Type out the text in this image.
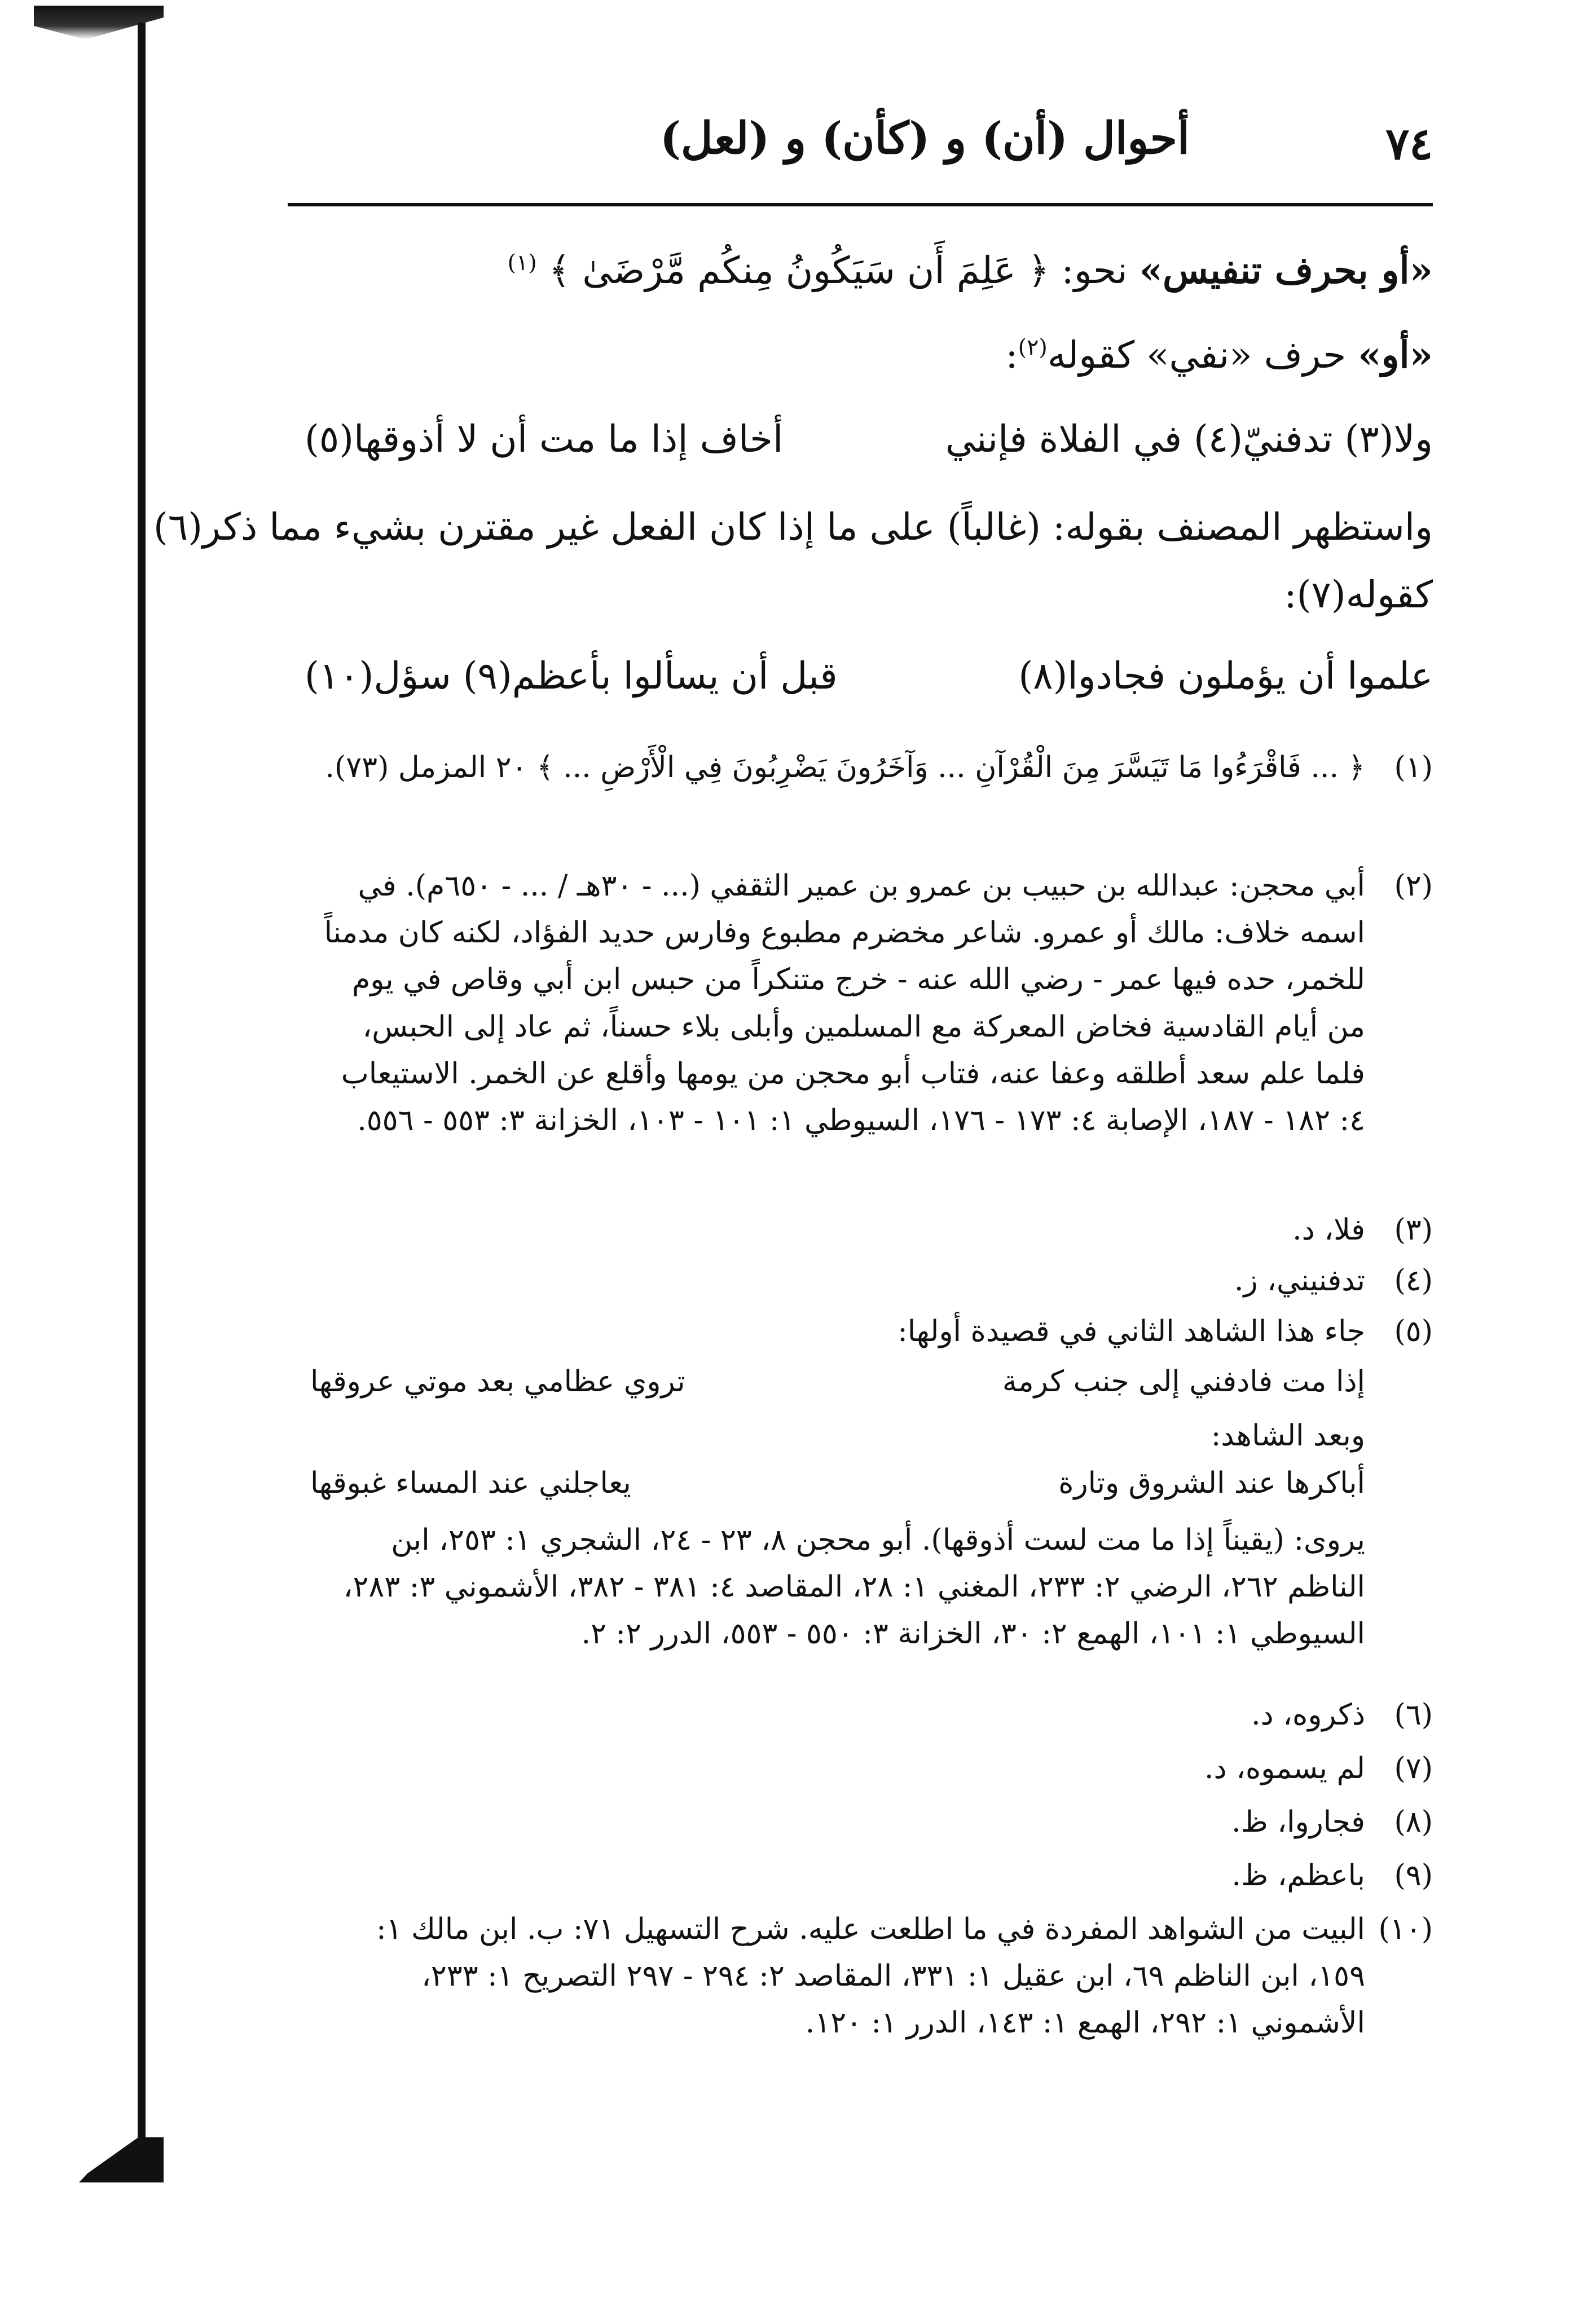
٧٤
أحوال (أن) و (كأن) و (لعل)
«أو بحرف تنفيس» نحو: ﴿ عَلِمَ أَن سَيَكُونُ مِنكُم مَّرْضَىٰ ﴾ $^{(١)}$
«أو» حرف «نفي» كقوله$^{(٢)}$:
ولا(٣) تدفنيّ(٤) في الفلاة فإنني
أخاف إذا ما مت أن لا أذوقها(٥)
واستظهر المصنف بقوله: (غالباً) على ما إذا كان الفعل غير مقترن بشيء مما ذكر(٦)
كقوله(٧):
علموا أن يؤملون فجادوا(٨)
قبل أن يسألوا بأعظم(٩) سؤل(١٠)
(١)
﴿ ... فَاقْرَءُوا مَا تَيَسَّرَ مِنَ الْقُرْآنِ ... وَآخَرُونَ يَضْرِبُونَ فِي الْأَرْضِ ... ﴾ ٢٠ المزمل (٧٣).
(٢)
أبي محجن: عبدالله بن حبيب بن عمرو بن عمير الثقفي (... - ٣٠هـ / ... - ٦٥٠م). في اسمه خلاف: مالك أو عمرو. شاعر مخضرم مطبوع وفارس حديد الفؤاد، لكنه كان مدمناً للخمر، حده فيها عمر - رضي الله عنه - خرج متنكراً من حبس ابن أبي وقاص في يوم من أيام القادسية فخاض المعركة مع المسلمين وأبلى بلاء حسناً، ثم عاد إلى الحبس، فلما علم سعد أطلقه وعفا عنه، فتاب أبو محجن من يومها وأقلع عن الخمر. الاستيعاب ٤: ١٨٢ - ١٨٧، الإصابة ٤: ١٧٣ - ١٧٦، السيوطي ١: ١٠١ - ١٠٣، الخزانة ٣: ٥٥٣ - ٥٥٦.
(٣)
فلا، د.
(٤)
تدفنيني، ز.
(٥)
جاء هذا الشاهد الثاني في قصيدة أولها:
إذا مت فادفني إلى جنب كرمة
تروي عظامي بعد موتي عروقها
وبعد الشاهد:
أباكرها عند الشروق وتارة
يعاجلني عند المساء غبوقها
يروى: (يقيناً إذا ما مت لست أذوقها). أبو محجن ٨، ٢٣ - ٢٤، الشجري ١: ٢٥٣، ابن الناظم ٢٦٢، الرضي ٢: ٢٣٣، المغني ١: ٢٨، المقاصد ٤: ٣٨١ - ٣٨٢، الأشموني ٣: ٢٨٣، السيوطي ١: ١٠١، الهمع ٢: ٣٠، الخزانة ٣: ٥٥٠ - ٥٥٣، الدرر ٢: ٢.
(٦)
ذكروه، د.
(٧)
لم يسموه، د.
(٨)
فجاروا، ظ.
(٩)
باعظم، ظ.
(١٠)
البيت من الشواهد المفردة في ما اطلعت عليه. شرح التسهيل ٧١: ب. ابن مالك ١: ١٥٩، ابن الناظم ٦٩، ابن عقيل ١: ٣٣١، المقاصد ٢: ٢٩٤ - ٢٩٧ التصريح ١: ٢٣٣، الأشموني ١: ٢٩٢، الهمع ١: ١٤٣، الدرر ١: ١٢٠.
